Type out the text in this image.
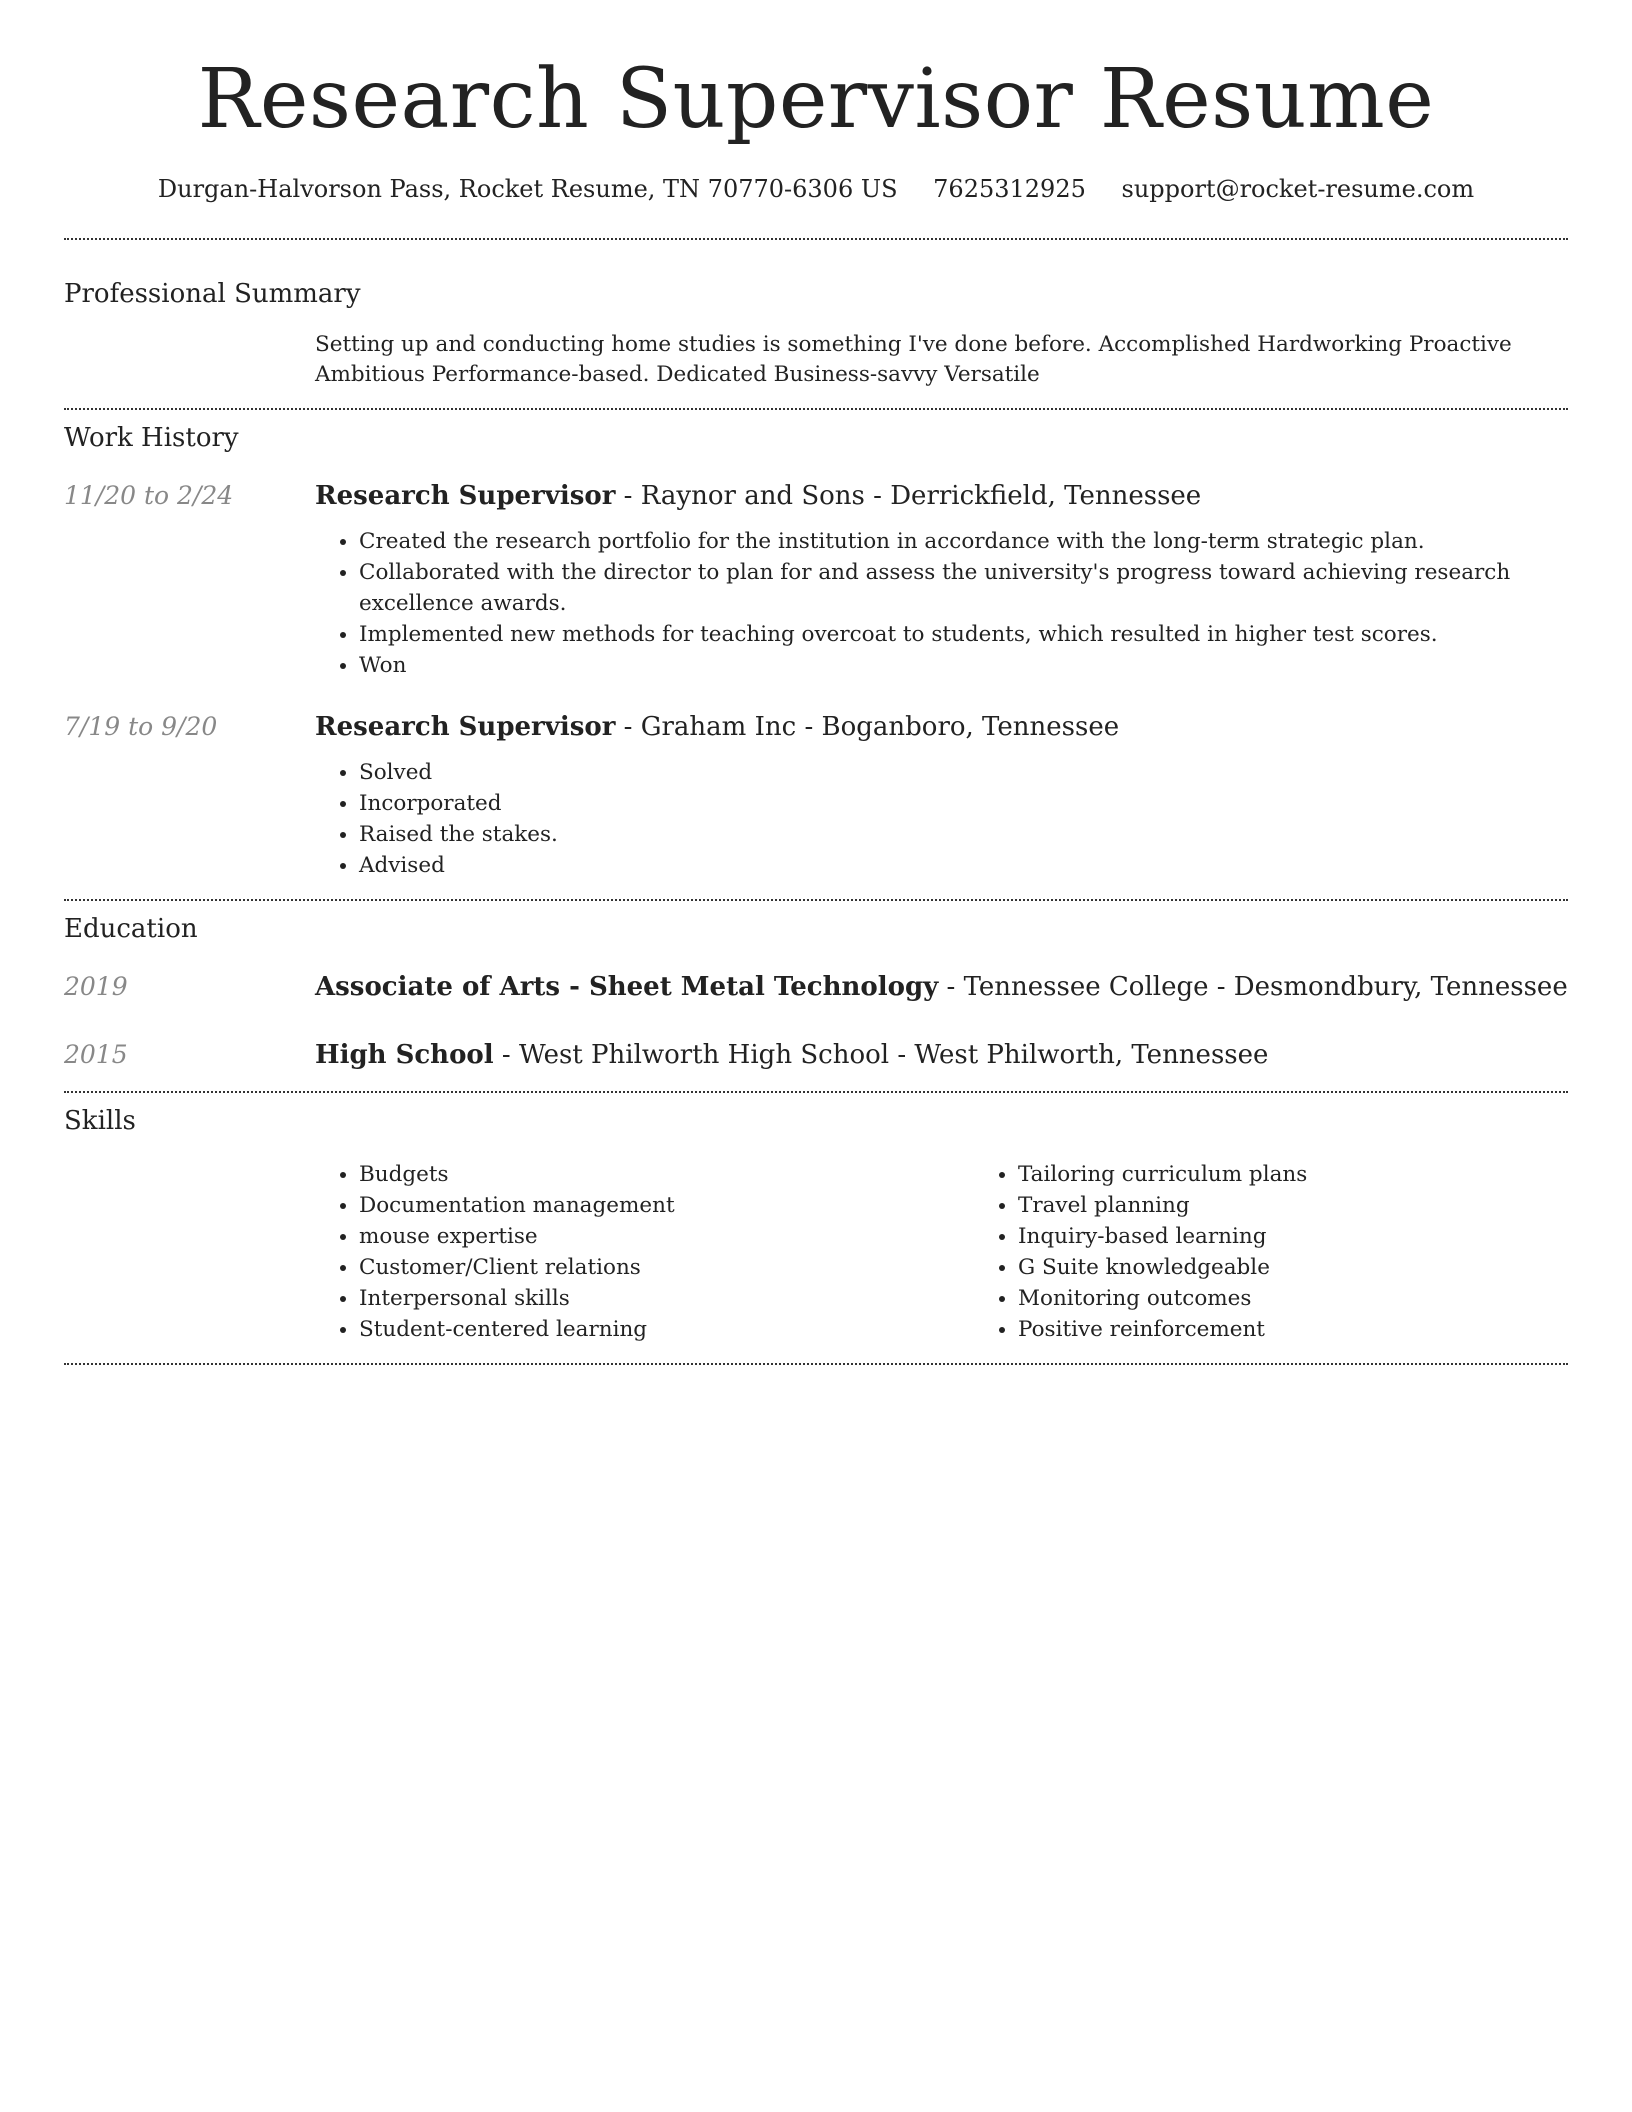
Research Supervisor Resume
Durgan-Halvorson Pass, Rocket Resume, TN 70770-6306 US 7625312925 support@rocket-resume.com
Professional Summary
Setting up and conducting home studies is something I've done before. Accomplished Hardworking Proactive Ambitious Performance-based. Dedicated Business-savvy Versatile
Work History
11/20 to 2/24	Research Supervisor - Raynor and Sons - Derrickfield, Tennessee
• Created the research portfolio for the institution in accordance with the long-term strategic plan.
• Collaborated with the director to plan for and assess the university's progress toward achieving research excellence awards.
• Implemented new methods for teaching overcoat to students, which resulted in higher test scores.
• Won
7/19 to 9/20	Research Supervisor - Graham Inc - Boganboro, Tennessee
• Solved
• Incorporated
• Raised the stakes.
• Advised
Education
2019	Associate of Arts - Sheet Metal Technology - Tennessee College - Desmondbury, Tennessee
2015	High School - West Philworth High School - West Philworth, Tennessee
Skills
• Budgets
• Documentation management
• mouse expertise
• Customer/Client relations
• Interpersonal skills
• Student-centered learning
• Tailoring curriculum plans
• Travel planning
• Inquiry-based learning
• G Suite knowledgeable
• Monitoring outcomes
• Positive reinforcement
